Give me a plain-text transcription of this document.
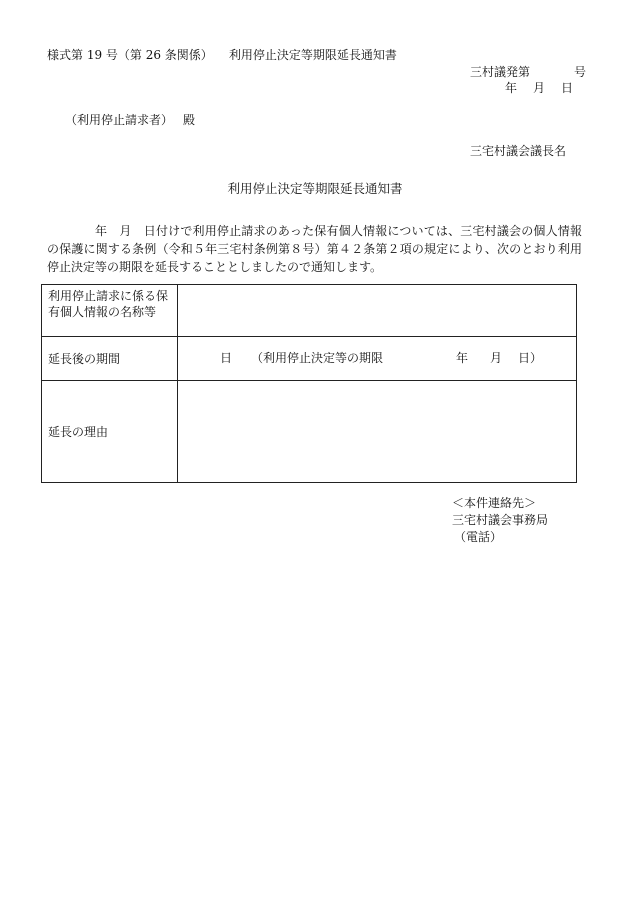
様式第 19 号（第 26 条関係） 利用停止決定等期限延長通知書
三村議発第	号
年 月 日
（利用停止請求者） 殿
三宅村議会議長名
利用停止決定等期限延長通知書
年　月　日付けで利用停止請求のあった保有個人情報については、三宅村議会の個人情報の保護に関する条例（令和５年三宅村条例第８号）第４２条第２項の規定により、次のとおり利用停止決定等の期限を延長することとしましたので通知します。
利用停止請求に係る保有個人情報の名称等	
延長後の期間	日 （利用停止決定等の期限 年 月 日）

延長の理由	
＜本件連絡先＞
三宅村議会事務局
（電話）
